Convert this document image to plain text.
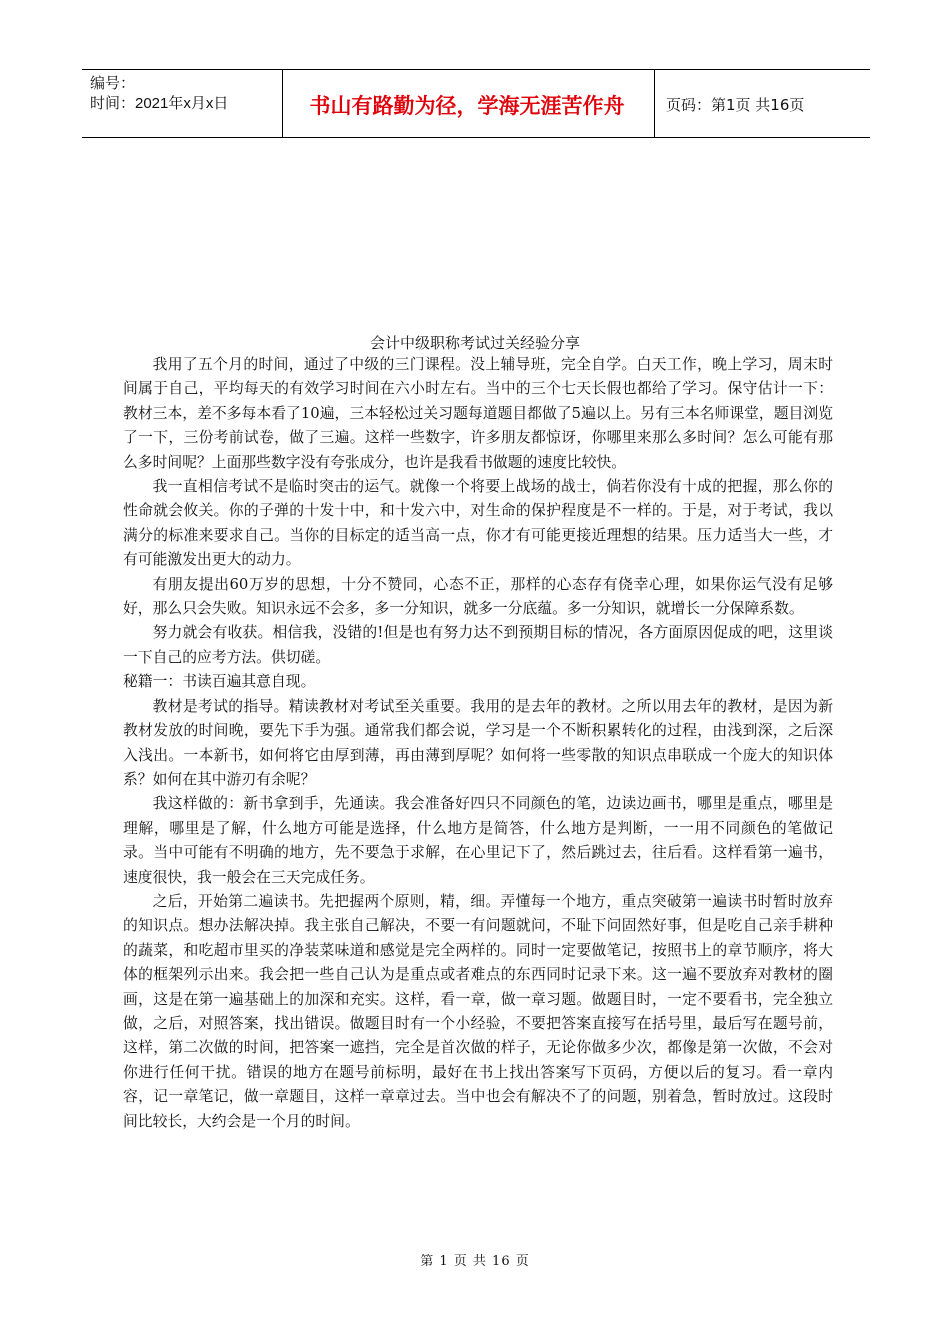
编号：
时间：2021年x月x日	书山有路勤为径，学海无涯苦作舟	页码：第1页 共16页
会计中级职称考试过关经验分享

我用了五个月的时间，通过了中级的三门课程。没上辅导班，完全自学。白天工作，晚上学习，周末时间属于自己，平均每天的有效学习时间在六小时左右。当中的三个七天长假也都给了学习。保守估计一下：教材三本，差不多每本看了10遍，三本轻松过关习题每道题目都做了5遍以上。另有三本名师课堂，题目浏览了一下，三份考前试卷，做了三遍。这样一些数字，许多朋友都惊讶，你哪里来那么多时间？怎么可能有那么多时间呢？上面那些数字没有夸张成分，也许是我看书做题的速度比较快。

我一直相信考试不是临时突击的运气。就像一个将要上战场的战士，倘若你没有十成的把握，那么你的性命就会攸关。你的子弹的十发十中，和十发六中，对生命的保护程度是不一样的。于是，对于考试，我以满分的标准来要求自己。当你的目标定的适当高一点，你才有可能更接近理想的结果。压力适当大一些，才有可能激发出更大的动力。

有朋友提出60万岁的思想，十分不赞同，心态不正，那样的心态存有侥幸心理，如果你运气没有足够好，那么只会失败。知识永远不会多，多一分知识，就多一分底蕴。多一分知识，就增长一分保障系数。

努力就会有收获。相信我，没错的!但是也有努力达不到预期目标的情况，各方面原因促成的吧，这里谈一下自己的应考方法。供切磋。

秘籍一：书读百遍其意自现。

教材是考试的指导。精读教材对考试至关重要。我用的是去年的教材。之所以用去年的教材，是因为新教材发放的时间晚，要先下手为强。通常我们都会说，学习是一个不断积累转化的过程，由浅到深，之后深入浅出。一本新书，如何将它由厚到薄，再由薄到厚呢？如何将一些零散的知识点串联成一个庞大的知识体系？如何在其中游刃有余呢？

我这样做的：新书拿到手，先通读。我会准备好四只不同颜色的笔，边读边画书，哪里是重点，哪里是理解，哪里是了解，什么地方可能是选择，什么地方是简答，什么地方是判断，一一用不同颜色的笔做记录。当中可能有不明确的地方，先不要急于求解，在心里记下了，然后跳过去，往后看。这样看第一遍书，速度很快，我一般会在三天完成任务。

之后，开始第二遍读书。先把握两个原则，精，细。弄懂每一个地方，重点突破第一遍读书时暂时放弃的知识点。想办法解决掉。我主张自己解决，不要一有问题就问，不耻下问固然好事，但是吃自己亲手耕种的蔬菜，和吃超市里买的净装菜味道和感觉是完全两样的。同时一定要做笔记，按照书上的章节顺序，将大体的框架列示出来。我会把一些自己认为是重点或者难点的东西同时记录下来。这一遍不要放弃对教材的圈画，这是在第一遍基础上的加深和充实。这样，看一章，做一章习题。做题目时，一定不要看书，完全独立做，之后，对照答案，找出错误。做题目时有一个小经验，不要把答案直接写在括号里，最后写在题号前，这样，第二次做的时间，把答案一遮挡，完全是首次做的样子，无论你做多少次，都像是第一次做，不会对你进行任何干扰。错误的地方在题号前标明，最好在书上找出答案写下页码，方便以后的复习。看一章内容，记一章笔记，做一章题目，这样一章章过去。当中也会有解决不了的问题，别着急，暂时放过。这段时间比较长，大约会是一个月的时间。

第 1 页 共 16 页
